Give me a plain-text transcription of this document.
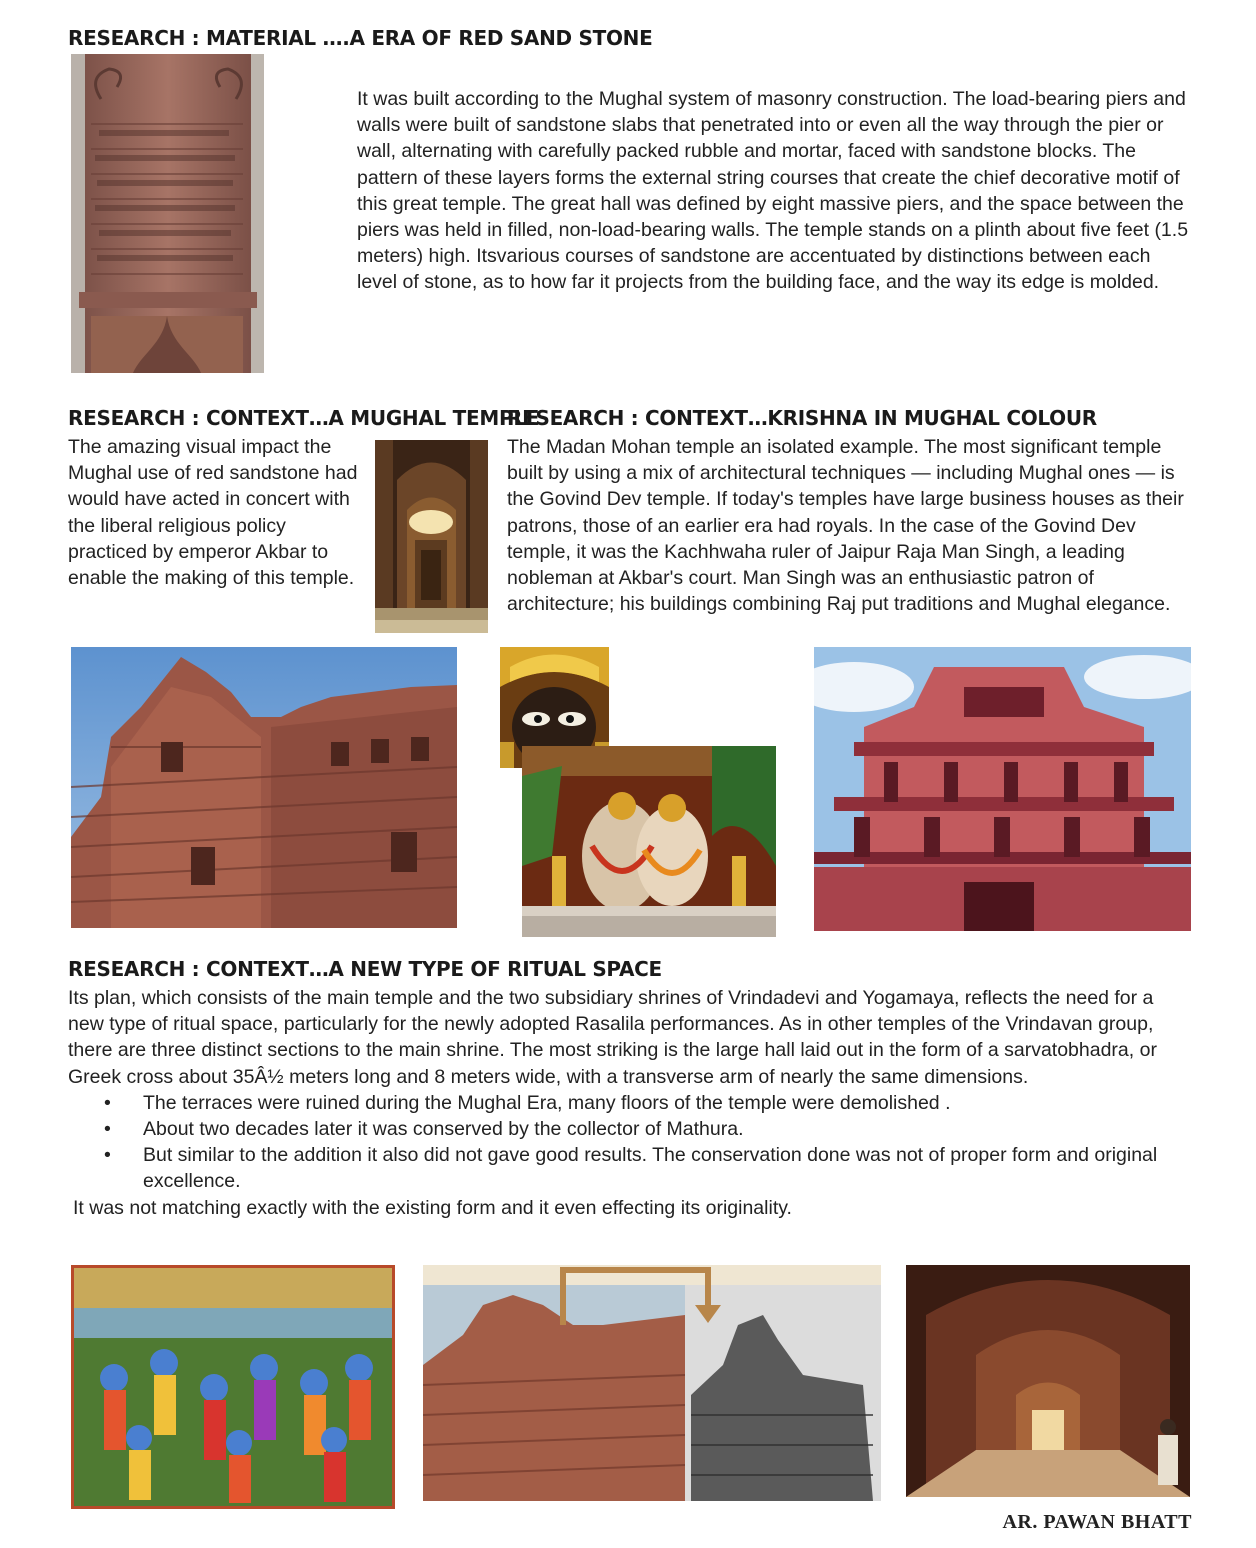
RESEARCH : MATERIAL ….A ERA OF RED SAND STONE
It was built according to the Mughal system of masonry construction. The load-bearing piers and walls were built of sandstone slabs that penetrated into or even all the way through the pier or wall, alternating with carefully packed rubble and mortar, faced with sandstone blocks. The pattern of these layers forms the external string courses that create the chief decorative motif of this great temple. The great hall was defined by eight massive piers, and the space between the piers was held in filled, non-load-bearing walls. The temple stands on a plinth about five feet (1.5 meters) high. Itsvarious courses of sandstone are accentuated by distinctions between each level of stone, as to how far it projects from the building face, and the way its edge is molded.
RESEARCH : CONTEXT…A MUGHAL TEMPLE
The amazing visual impact the Mughal use of red sandstone had would have acted in concert with the liberal religious policy practiced by emperor Akbar to enable the making of this temple.
RESEARCH : CONTEXT…KRISHNA IN MUGHAL COLOUR
The Madan Mohan temple an isolated example. The most significant temple built by using a mix of architectural techniques — including Mughal ones — is the Govind Dev temple. If today's temples have large business houses as their patrons, those of an earlier era had royals. In the case of the Govind Dev temple, it was the Kachhwaha ruler of Jaipur Raja Man Singh, a leading nobleman at Akbar's court. Man Singh was an enthusiastic patron of architecture; his buildings combining Raj put traditions and Mughal elegance.
RESEARCH : CONTEXT…A NEW TYPE OF RITUAL SPACE
Its plan, which consists of the main temple and the two subsidiary shrines of Vrindadevi and Yogamaya, reflects the need for a new type of ritual space, particularly for the newly adopted Rasalila performances. As in other temples of the Vrindavan group, there are three distinct sections to the main shrine. The most striking is the large hall laid out in the form of a sarvatobhadra, or Greek cross about 35Â½ meters long and 8 meters wide, with a transverse arm of nearly the same dimensions.
• The terraces were ruined during the Mughal Era, many floors of the temple were demolished .
• About two decades later it was conserved by the collector of Mathura.
• But similar to the addition it also did not gave good results. The conservation done was not of proper form and original excellence.
It was not matching exactly with the existing form and it even effecting its originality.
AR. PAWAN BHATT
